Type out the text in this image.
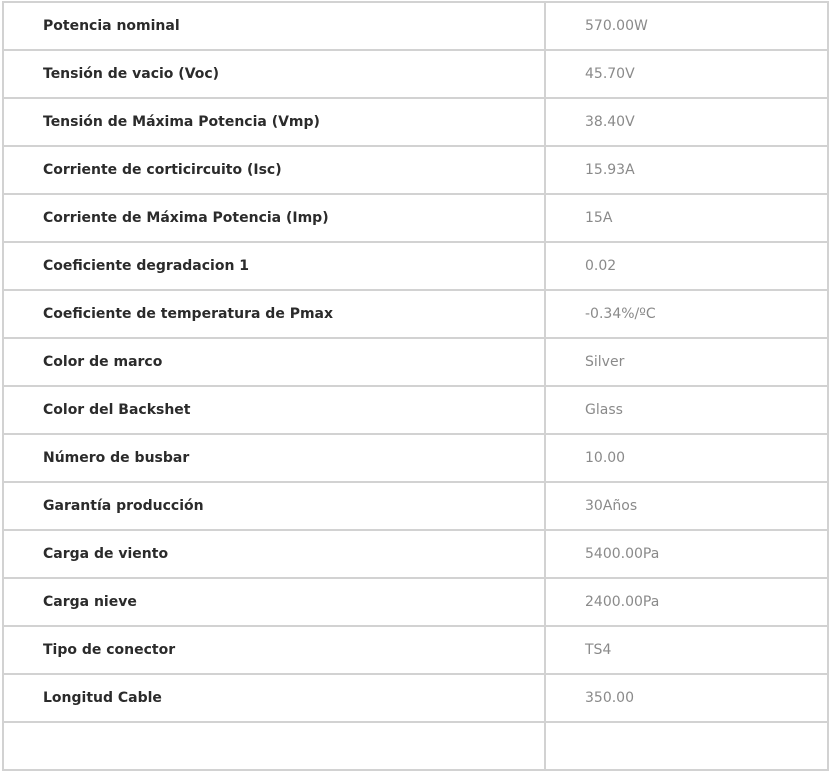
Potencia nominal	570.00W
Tensión de vacio (Voc)	45.70V
Tensión de Máxima Potencia (Vmp)	38.40V
Corriente de corticircuito (Isc)	15.93A
Corriente de Máxima Potencia (Imp)	15A
Coeficiente degradacion 1	0.02
Coeficiente de temperatura de Pmax	-0.34%/ºC
Color de marco	Silver
Color del Backshet	Glass
Número de busbar	10.00
Garantía producción	30Años
Carga de viento	5400.00Pa
Carga nieve	2400.00Pa
Tipo de conector	TS4
Longitud Cable	350.00
